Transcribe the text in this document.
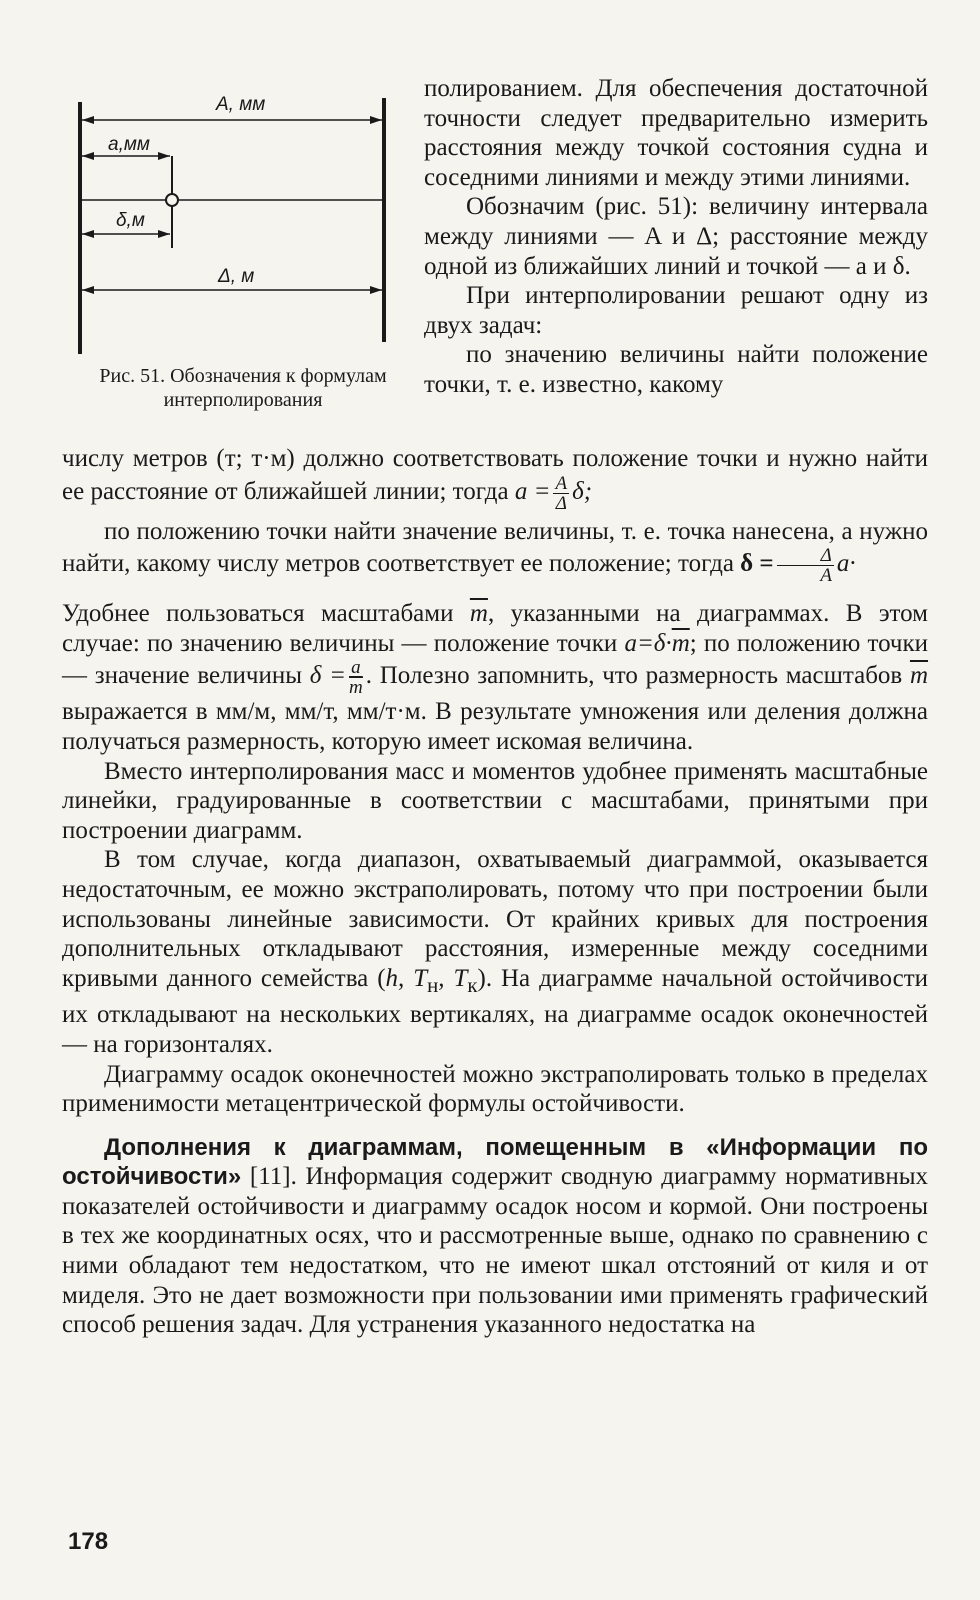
A, мм
a,мм
δ,м
Δ, м
Рис. 51. Обозначения к формулам интерполирования

полированием. Для обеспечения достаточной точности следует предварительно измерить расстояния между точкой состояния судна и соседними линиями и между этими линиями.

Обозначим (рис. 51): величину интервала между линиями — A и Δ; расстояние между одной из ближайших линий и точкой — a и δ.

При интерполировании решают одну из двух задач:

по значению величины найти положение точки, т. е. известно, какому

числу метров (т; т·м) должно соответствовать положение точки и нужно найти ее расстояние от ближайшей линии; тогда $a = \frac{A}{\Delta} \delta$;

по положению точки найти значение величины, т. е. точка нанесена, а нужно найти, какому числу метров соответствует ее положение; тогда $\delta = \frac{\Delta}{A} a\cdot$

Удобнее пользоваться масштабами $\overline{m}$, указанными на диаграммах. В этом случае: по значению величины — положение точки $a=\delta\cdot\overline{m}$; по положению точки — значение величины $\delta = \frac{a}{m}$ . Полезно запомнить, что размерность масштабов $\overline{m}$ выражается в мм/м, мм/т, мм/т·м. В результате умножения или деления должна получаться размерность, которую имеет искомая величина.

Вместо интерполирования масс и моментов удобнее применять масштабные линейки, градуированные в соответствии с масштабами, принятыми при построении диаграмм.

В том случае, когда диапазон, охватываемый диаграммой, оказывается недостаточным, ее можно экстраполировать, потому что при построении были использованы линейные зависимости. От крайних кривых для построения дополнительных откладывают расстояния, измеренные между соседними кривыми данного семейства (h, $T_н$, $T_к$). На диаграмме начальной остойчивости их откладывают на нескольких вертикалях, на диаграмме осадок оконечностей — на горизонталях.

Диаграмму осадок оконечностей можно экстраполировать только в пределах применимости метацентрической формулы остойчивости.

Дополнения к диаграммам, помещенным в «Информации по остойчивости» [11]. Информация содержит сводную диаграмму нормативных показателей остойчивости и диаграмму осадок носом и кормой. Они построены в тех же координатных осях, что и рассмотренные выше, однако по сравнению с ними обладают тем недостатком, что не имеют шкал отстояний от киля и от миделя. Это не дает возможности при пользовании ими применять графический способ решения задач. Для устранения указанного недостатка на

178
